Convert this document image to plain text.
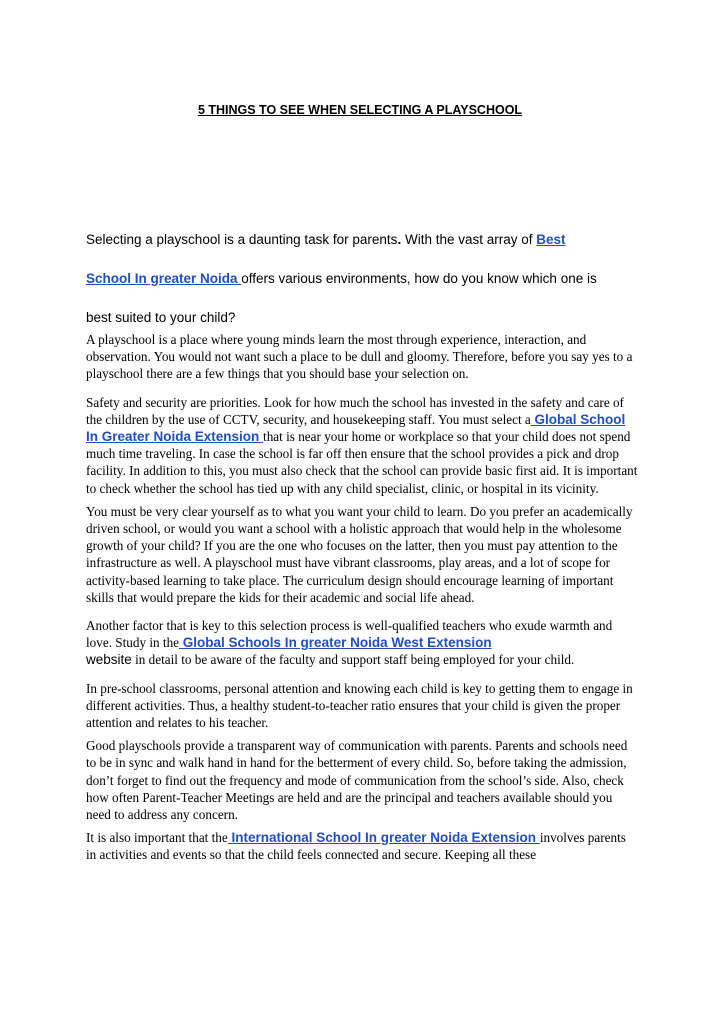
5 THINGS TO SEE WHEN SELECTING A PLAYSCHOOL

Selecting a playschool is a daunting task for parents. With the vast array of Best

School In greater Noida offers various environments, how do you know which one is

best suited to your child?

A playschool is a place where young minds learn the most through experience, interaction, and observation. You would not want such a place to be dull and gloomy. Therefore, before you say yes to a playschool there are a few things that you should base your selection on.

Safety and security are priorities. Look for how much the school has invested in the safety and care of the children by the use of CCTV, security, and housekeeping staff. You must select a Global School In Greater Noida Extension that is near your home or workplace so that your child does not spend much time traveling. In case the school is far off then ensure that the school provides a pick and drop facility. In addition to this, you must also check that the school can provide basic first aid. It is important to check whether the school has tied up with any child specialist, clinic, or hospital in its vicinity.

You must be very clear yourself as to what you want your child to learn. Do you prefer an academically driven school, or would you want a school with a holistic approach that would help in the wholesome growth of your child? If you are the one who focuses on the latter, then you must pay attention to the infrastructure as well. A playschool must have vibrant classrooms, play areas, and a lot of scope for activity-based learning to take place. The curriculum design should encourage learning of important skills that would prepare the kids for their academic and social life ahead.

Another factor that is key to this selection process is well-qualified teachers who exude warmth and love. Study in the Global Schools In greater Noida West Extension
website in detail to be aware of the faculty and support staff being employed for your child.

In pre-school classrooms, personal attention and knowing each child is key to getting them to engage in different activities. Thus, a healthy student-to-teacher ratio ensures that your child is given the proper attention and relates to his teacher.

Good playschools provide a transparent way of communication with parents. Parents and schools need to be in sync and walk hand in hand for the betterment of every child. So, before taking the admission, don’t forget to find out the frequency and mode of communication from the school’s side. Also, check how often Parent-Teacher Meetings are held and are the principal and teachers available should you need to address any concern.

It is also important that the International School In greater Noida Extension involves parents in activities and events so that the child feels connected and secure. Keeping all these
